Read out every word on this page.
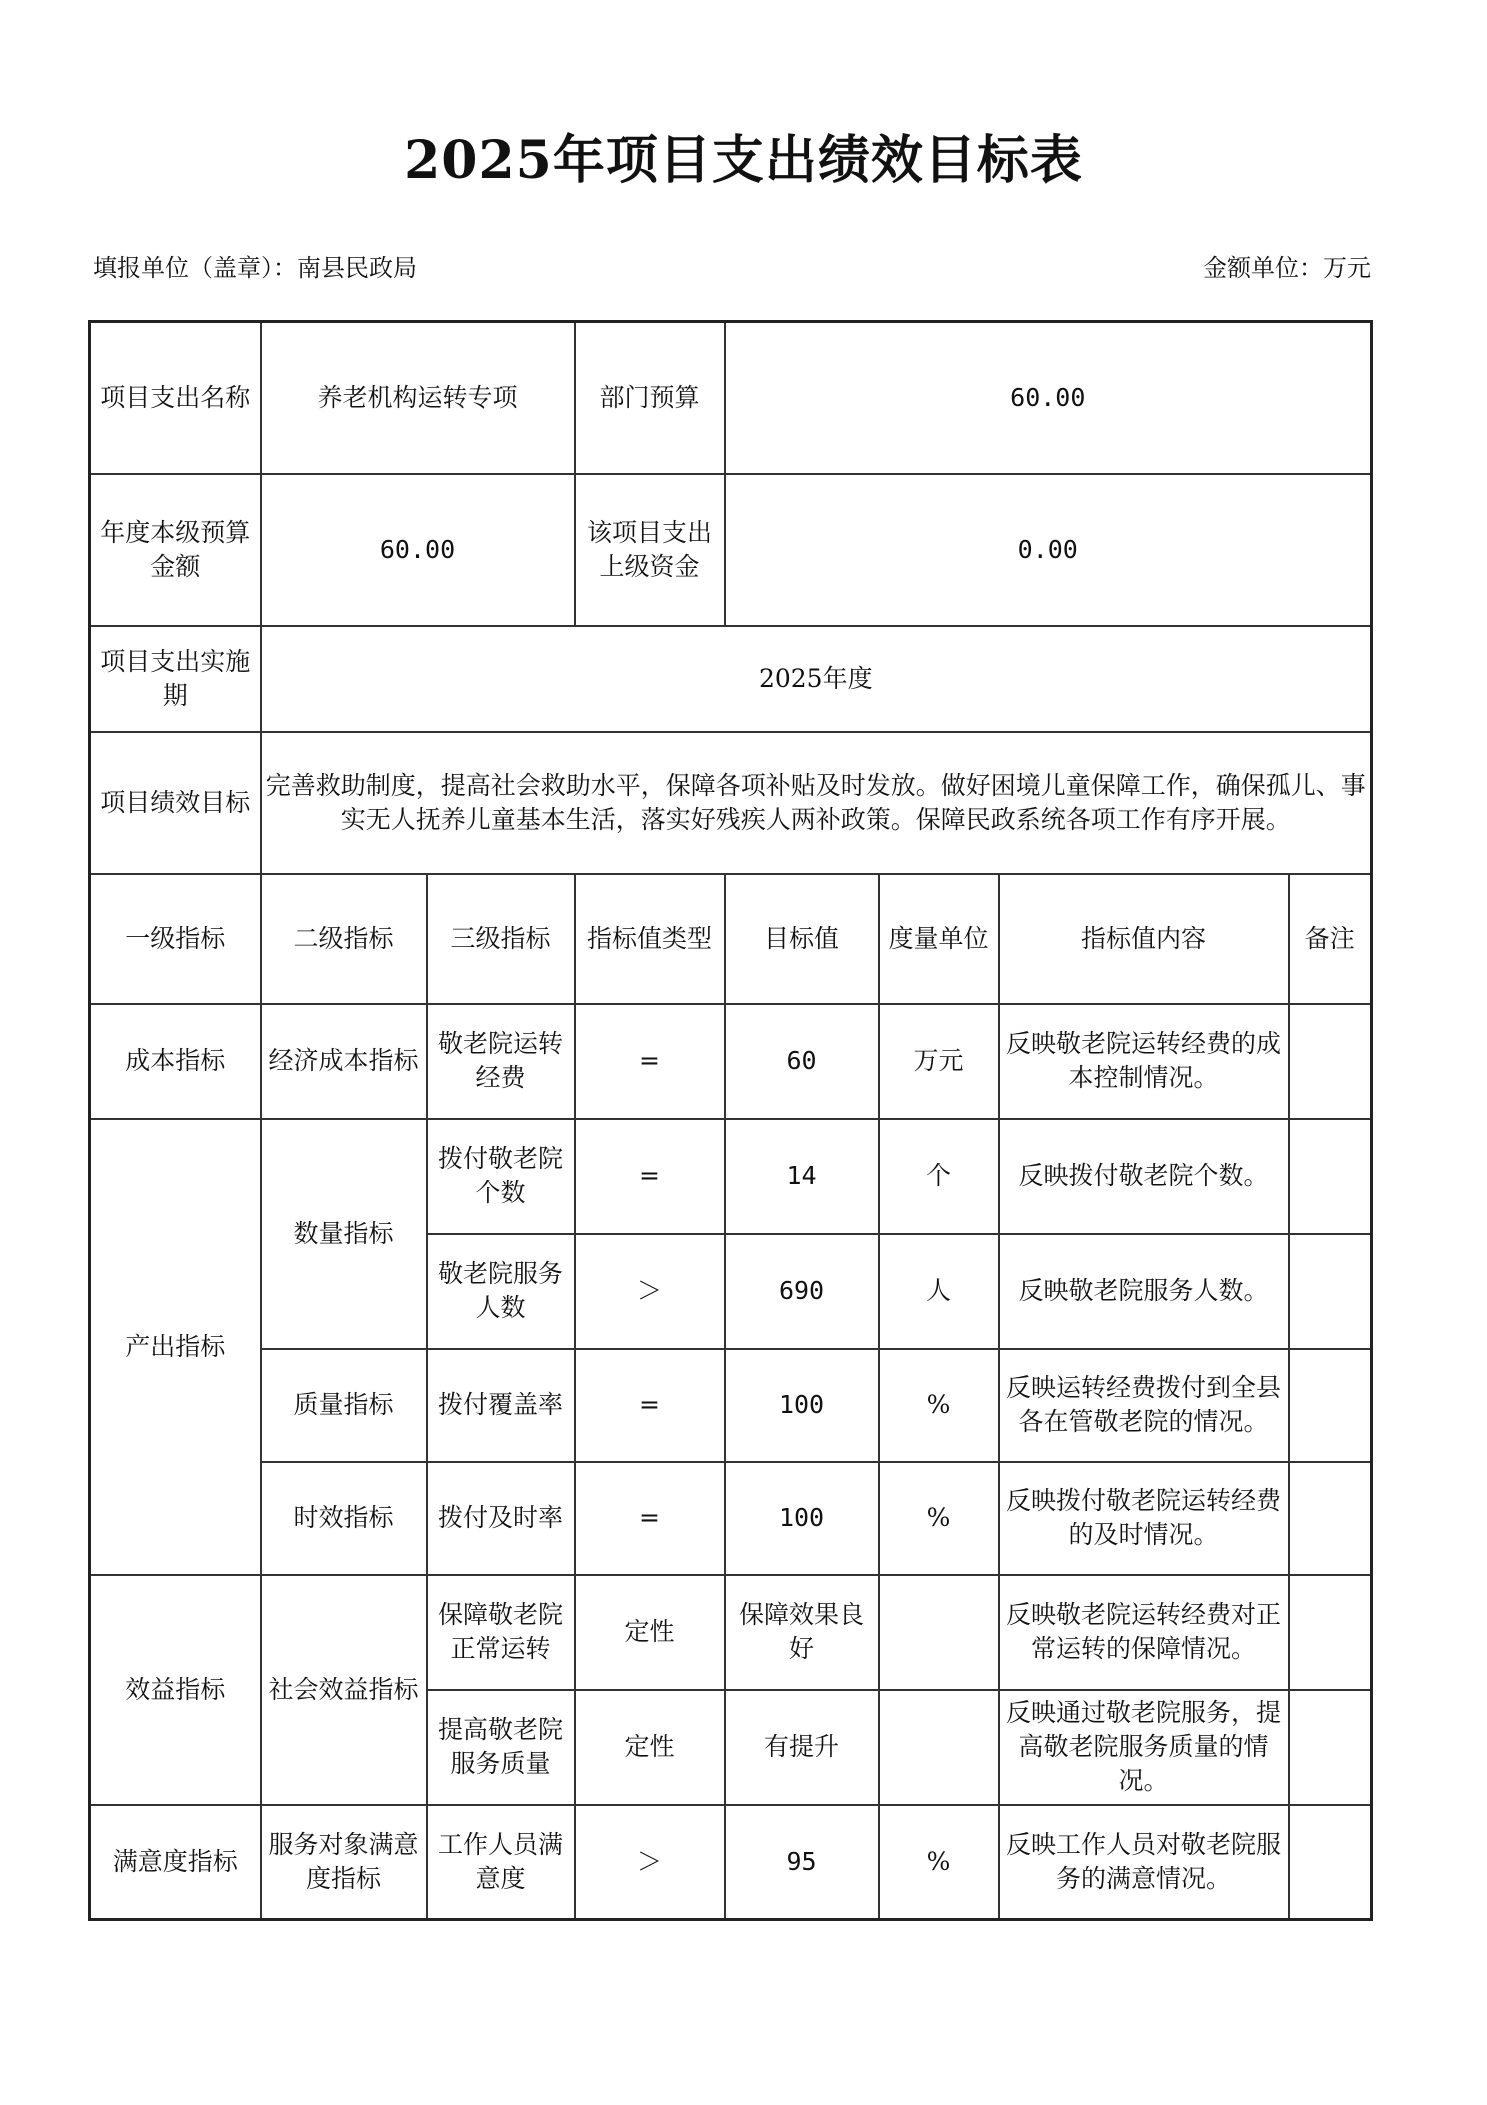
2025年项目支出绩效目标表
填报单位（盖章）：南县民政局	金额单位：万元
项目支出名称	养老机构运转专项		部门预算	60.00			
年度本级预算金额	60.00		该项目支出上级资金	0.00			
项目支出实施期	2025年度						
项目绩效目标	完善救助制度，提高社会救助水平，保障各项补贴及时发放。做好困境儿童保障工作，确保孤儿、事实无人抚养儿童基本生活，落实好残疾人两补政策。保障民政系统各项工作有序开展。						
一级指标	二级指标	三级指标	指标值类型	目标值	度量单位	指标值内容	备注
成本指标	经济成本指标	敬老院运转经费	=	60	万元	反映敬老院运转经费的成本控制情况。	
产出指标	数量指标	拨付敬老院个数	=	14	个	反映拨付敬老院个数。	
		敬老院服务人数	＞	690	人	反映敬老院服务人数。	
	质量指标	拨付覆盖率	=	100	%	反映运转经费拨付到全县各在管敬老院的情况。	
	时效指标	拨付及时率	=	100	%	反映拨付敬老院运转经费的及时情况。	
效益指标	社会效益指标	保障敬老院正常运转	定性	保障效果良好		反映敬老院运转经费对正常运转的保障情况。	
		提高敬老院服务质量	定性	有提升		反映通过敬老院服务，提高敬老院服务质量的情况。	
满意度指标	服务对象满意度指标	工作人员满意度	＞	95	%	反映工作人员对敬老院服务的满意情况。	
